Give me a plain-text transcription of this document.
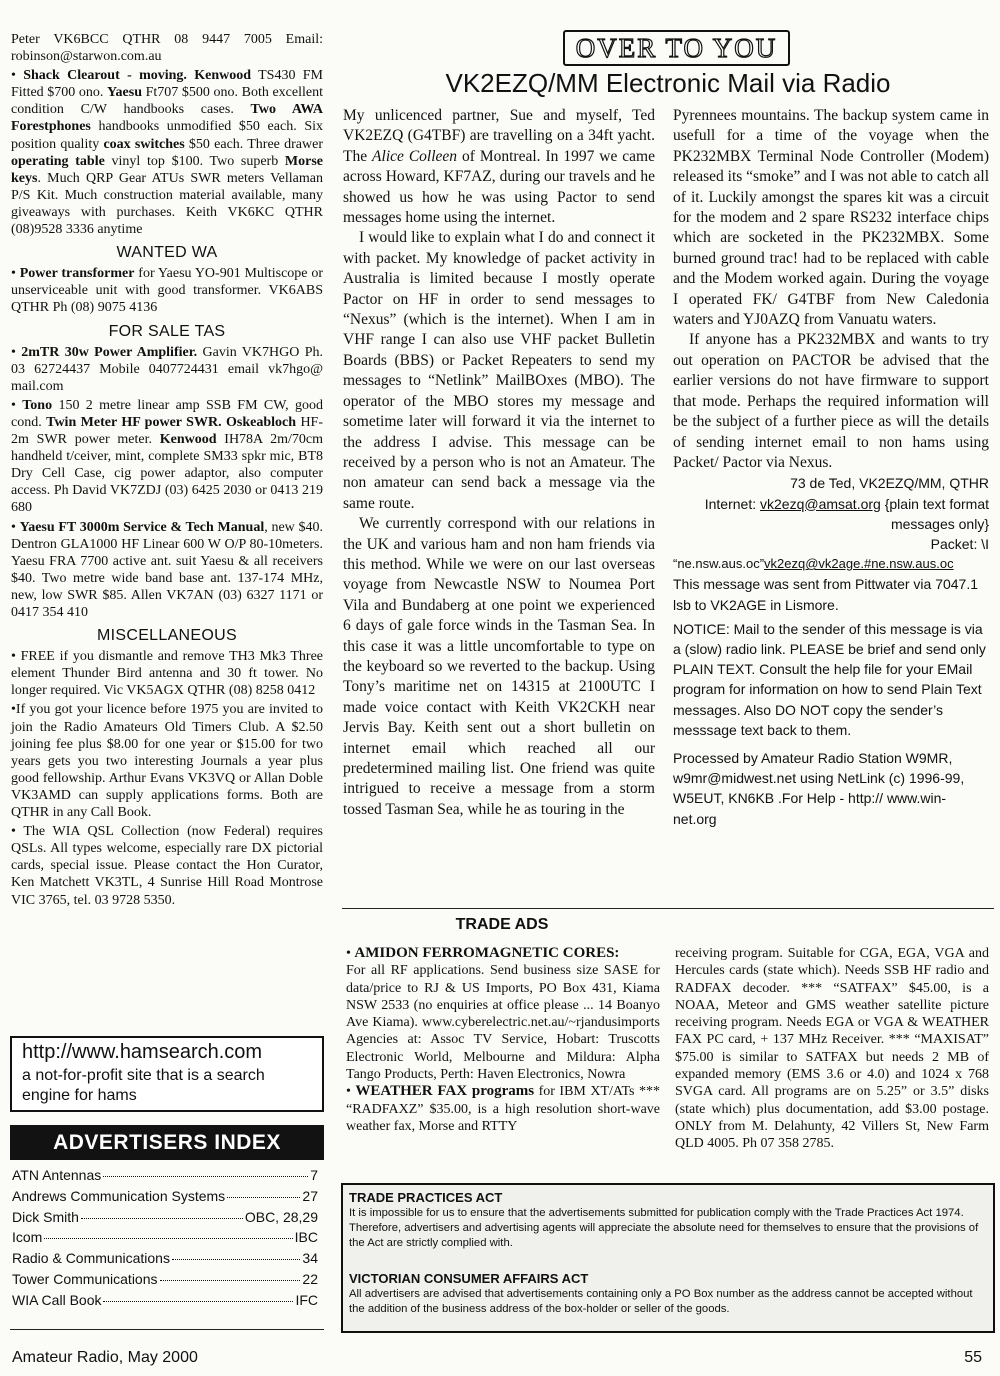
Peter VK6BCC QTHR 08 9447 7005 Email: robinson@starwon.com.au

• Shack Clearout - moving. Kenwood TS430 FM Fitted $700 ono. Yaesu Ft707 $500 ono. Both excellent condition C/W handbooks cases. Two AWA Forestphones handbooks unmodified $50 each. Six position quality coax switches $50 each. Three drawer operating table vinyl top $100. Two superb Morse keys. Much QRP Gear ATUs SWR meters Vellaman P/S Kit. Much construction material available, many giveaways with purchases. Keith VK6KC QTHR (08)9528 3336 anytime

WANTED WA

• Power transformer for Yaesu YO-901 Multiscope or unserviceable unit with good transformer. VK6ABS QTHR Ph (08) 9075 4136

FOR SALE TAS

• 2mTR 30w Power Amplifier. Gavin VK7HGO Ph. 03 62724437 Mobile 0407724431 email vk7hgo@ mail.com

• Tono 150 2 metre linear amp SSB FM CW, good cond. Twin Meter HF power SWR. Oskeabloch HF-2m SWR power meter. Kenwood IH78A 2m/70cm handheld t/ceiver, mint, complete SM33 spkr mic, BT8 Dry Cell Case, cig power adaptor, also computer access. Ph David VK7ZDJ (03) 6425 2030 or 0413 219 680

• Yaesu FT 3000m Service & Tech Manual, new $40. Dentron GLA1000 HF Linear 600 W O/P 80-10meters. Yaesu FRA 7700 active ant. suit Yaesu & all receivers $40. Two metre wide band base ant. 137-174 MHz, new, low SWR $85. Allen VK7AN (03) 6327 1171 or 0417 354 410

MISCELLANEOUS

• FREE if you dismantle and remove TH3 Mk3 Three element Thunder Bird antenna and 30 ft tower. No longer required. Vic VK5AGX QTHR (08) 8258 0412

•If you got your licence before 1975 you are invited to join the Radio Amateurs Old Timers Club. A $2.50 joining fee plus $8.00 for one year or $15.00 for two years gets you two interesting Journals a year plus good fellowship. Arthur Evans VK3VQ or Allan Doble VK3AMD can supply applications forms. Both are QTHR in any Call Book.

• The WIA QSL Collection (now Federal) requires QSLs. All types welcome, especially rare DX pictorial cards, special issue. Please contact the Hon Curator, Ken Matchett VK3TL, 4 Sunrise Hill Road Montrose VIC 3765, tel. 03 9728 5350.

http://www.hamsearch.com
a not-for-profit site that is a search engine for hams
ADVERTISERS INDEX
ATN Antennas	7
Andrews Communication Systems	27
Dick Smith	OBC, 28,29
Icom	IBC
Radio & Communications	34
Tower Communications	22
WIA Call Book	IFC
OVER TO YOU
VK2EZQ/MM Electronic Mail via Radio

My unlicenced partner, Sue and myself, Ted VK2EZQ (G4TBF) are travelling on a 34ft yacht. The Alice Colleen of Montreal. In 1997 we came across Howard, KF7AZ, during our travels and he showed us how he was using Pactor to send messages home using the internet.

I would like to explain what I do and connect it with packet. My knowledge of packet activity in Australia is limited because I mostly operate Pactor on HF in order to send messages to “Nexus” (which is the internet). When I am in VHF range I can also use VHF packet Bulletin Boards (BBS) or Packet Repeaters to send my messages to “Netlink” MailBOxes (MBO). The operator of the MBO stores my message and sometime later will forward it via the internet to the address I advise. This message can be received by a person who is not an Amateur. The non amateur can send back a message via the same route.

We currently correspond with our relations in the UK and various ham and non ham friends via this method. While we were on our last overseas voyage from Newcastle NSW to Noumea Port Vila and Bundaberg at one point we experienced 6 days of gale force winds in the Tasman Sea. In this case it was a little uncomfortable to type on the keyboard so we reverted to the backup. Using Tony’s maritime net on 14315 at 2100UTC I made voice contact with Keith VK2CKH near Jervis Bay. Keith sent out a short bulletin on internet email which reached all our predetermined mailing list. One friend was quite intrigued to receive a message from a storm tossed Tasman Sea, while he as touring in the

Pyrennees mountains. The backup system came in usefull for a time of the voyage when the PK232MBX Terminal Node Controller (Modem) released its “smoke” and I was not able to catch all of it. Luckily amongst the spares kit was a circuit for the modem and 2 spare RS232 interface chips which are socketed in the PK232MBX. Some burned ground trac! had to be replaced with cable and the Modem worked again. During the voyage I operated FK/ G4TBF from New Caledonia waters and YJ0AZQ from Vanuatu waters.

If anyone has a PK232MBX and wants to try out operation on PACTOR be advised that the earlier versions do not have firmware to support that mode. Perhaps the required information will be the subject of a further piece as will the details of sending internet email to non hams using Packet/ Pactor via Nexus.

73 de Ted, VK2EZQ/MM, QTHR
Internet: vk2ezq@amsat.org {plain text format messages only}
Packet: \I
“ne.nsw.aus.oc”vk2ezq@vk2age.#ne.nsw.aus.oc
This message was sent from Pittwater via 7047.1 lsb to VK2AGE in Lismore.
NOTICE: Mail to the sender of this message is via a (slow) radio link. PLEASE be brief and send only PLAIN TEXT. Consult the help file for your EMail program for information on how to send Plain Text messages. Also DO NOT copy the sender’s messsage text back to them.
Processed by Amateur Radio Station W9MR, w9mr@midwest.net using NetLink (c) 1996-99, W5EUT, KN6KB .For Help - http:// www.win-net.org
TRADE ADS

• AMIDON FERROMAGNETIC CORES:
For all RF applications. Send business size SASE for data/price to RJ & US Imports, PO Box 431, Kiama NSW 2533 (no enquiries at office please ... 14 Boanyo Ave Kiama). www.cyberelectric.net.au/~rjandusimports Agencies at: Assoc TV Service, Hobart: Truscotts Electronic World, Melbourne and Mildura: Alpha Tango Products, Perth: Haven Electronics, Nowra

• WEATHER FAX programs for IBM XT/ATs *** “RADFAXZ” $35.00, is a high resolution short-wave weather fax, Morse and RTTY

receiving program. Suitable for CGA, EGA, VGA and Hercules cards (state which). Needs SSB HF radio and RADFAX decoder. *** “SATFAX” $45.00, is a NOAA, Meteor and GMS weather satellite picture receiving program. Needs EGA or VGA & WEATHER FAX PC card, + 137 MHz Receiver. *** “MAXISAT” $75.00 is similar to SATFAX but needs 2 MB of expanded memory (EMS 3.6 or 4.0) and 1024 x 768 SVGA card. All programs are on 5.25” or 3.5” disks (state which) plus documentation, add $3.00 postage. ONLY from M. Delahunty, 42 Villers St, New Farm QLD 4005. Ph 07 358 2785.

TRADE PRACTICES ACT
It is impossible for us to ensure that the advertisements submitted for publication comply with the Trade Practices Act 1974. Therefore, advertisers and advertising agents will appreciate the absolute need for themselves to ensure that the provisions of the Act are strictly complied with.
VICTORIAN CONSUMER AFFAIRS ACT
All advertisers are advised that advertisements containing only a PO Box number as the address cannot be accepted without the addition of the business address of the box-holder or seller of the goods.
Amateur Radio, May 2000	55
